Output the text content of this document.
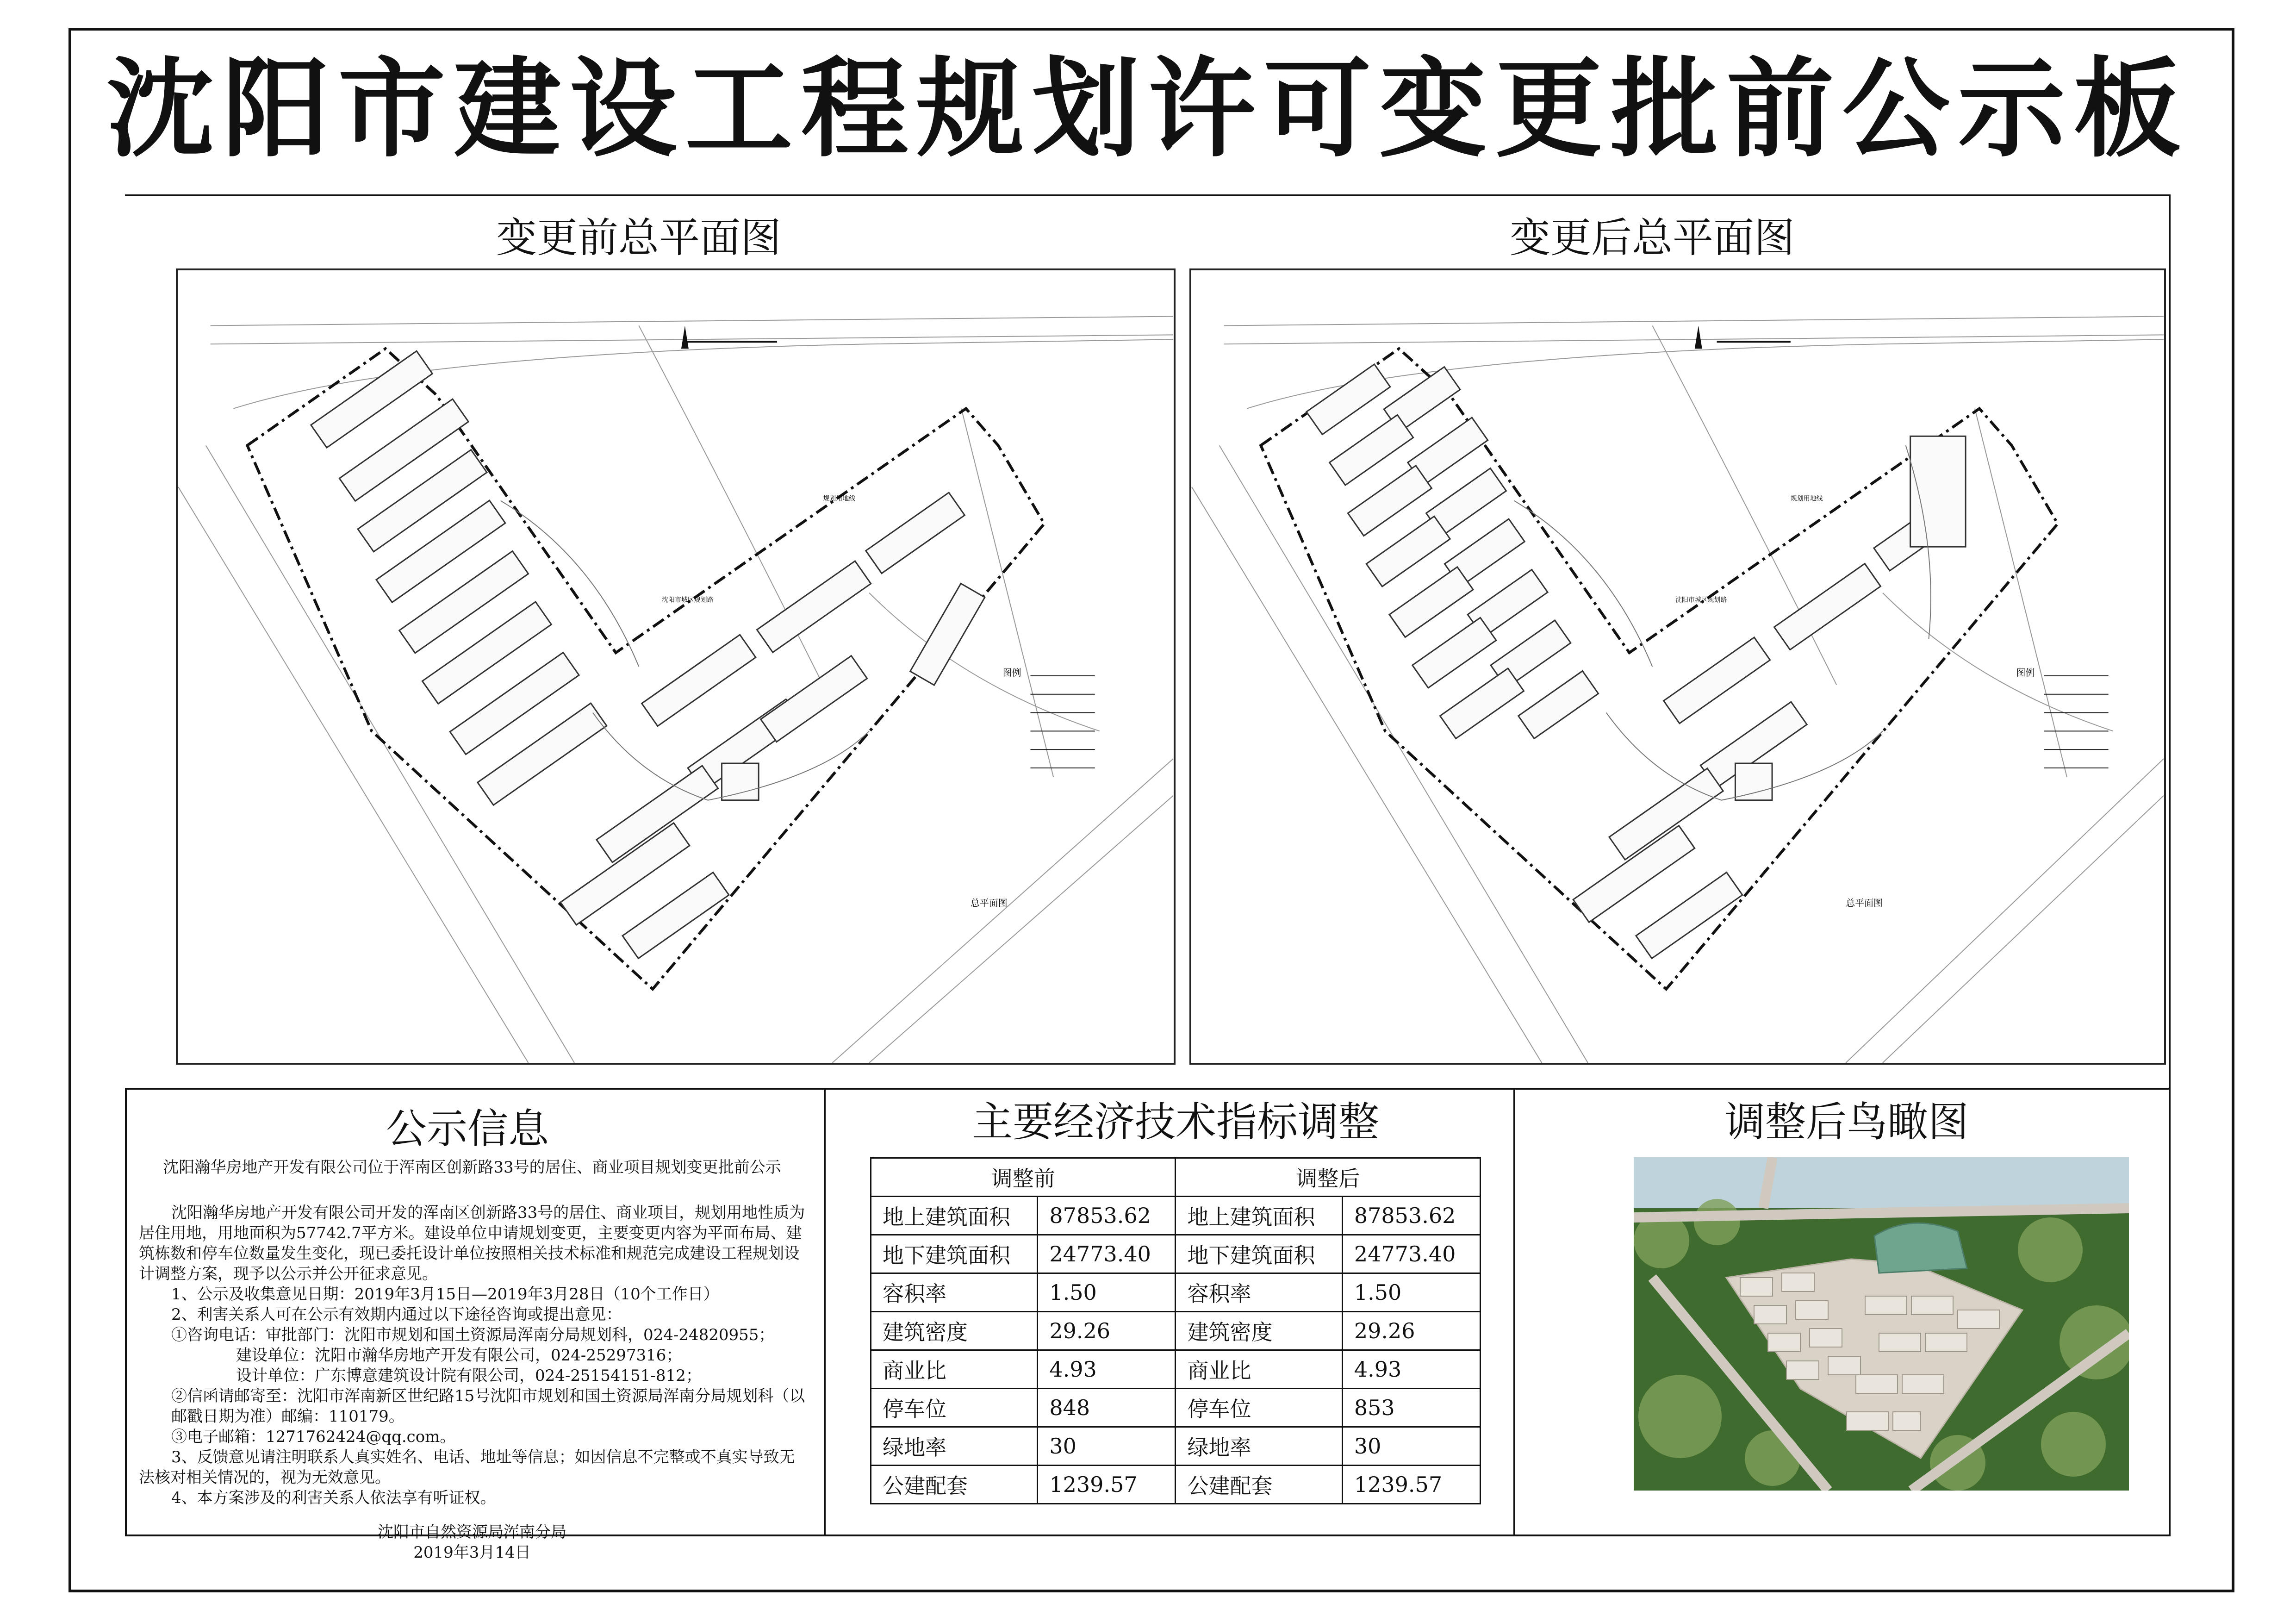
沈阳市建设工程规划许可变更批前公示板
变更前总平面图
图例
总平面图
沈阳市城区规划路
规划用地线
变更后总平面图
图例
总平面图
沈阳市城区规划路
规划用地线
公示信息

沈阳瀚华房地产开发有限公司位于浑南区创新路33号的居住、商业项目规划变更批前公示

沈阳瀚华房地产开发有限公司开发的浑南区创新路33号的居住、商业项目，规划用地性质为居住用地，用地面积为57742.7平方米。建设单位申请规划变更，主要变更内容为平面布局、建筑栋数和停车位数量发生变化，现已委托设计单位按照相关技术标准和规范完成建设工程规划设计调整方案，现予以公示并公开征求意见。

1、公示及收集意见日期：2019年3月15日—2019年3月28日（10个工作日）

2、利害关系人可在公示有效期内通过以下途径咨询或提出意见：

①咨询电话：审批部门：沈阳市规划和国土资源局浑南分局规划科，024-24820955；

建设单位：沈阳市瀚华房地产开发有限公司，024-25297316；

设计单位：广东博意建筑设计院有限公司，024-25154151-812；

②信函请邮寄至：沈阳市浑南新区世纪路15号沈阳市规划和国土资源局浑南分局规划科（以邮戳日期为准）邮编：110179。

③电子邮箱：1271762424@qq.com。

3、反馈意见请注明联系人真实姓名、电话、地址等信息；如因信息不完整或不真实导致无法核对相关情况的，视为无效意见。

4、本方案涉及的利害关系人依法享有听证权。

沈阳市自然资源局浑南分局

2019年3月14日

主要经济技术指标调整
调整前		调整后	
地上建筑面积	87853.62	地上建筑面积	87853.62
地下建筑面积	24773.40	地下建筑面积	24773.40
容积率	1.50	容积率	1.50
建筑密度	29.26	建筑密度	29.26
商业比	4.93	商业比	4.93
停车位	848	停车位	853
绿地率	30	绿地率	30
公建配套	1239.57	公建配套	1239.57
调整后鸟瞰图
